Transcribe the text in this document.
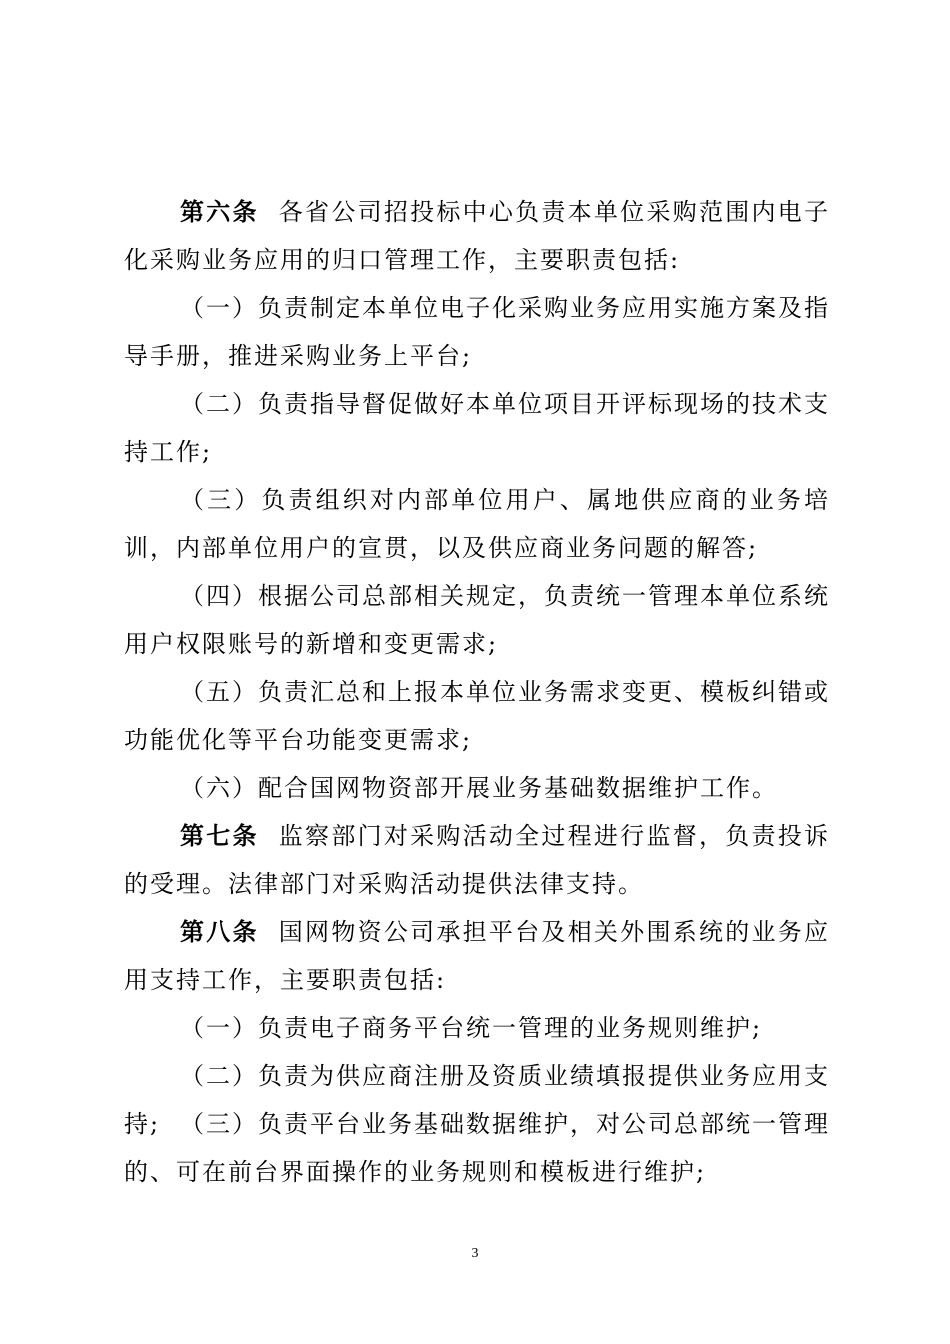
第六条 各省公司招投标中心负责本单位采购范围内电子化采购业务应用的归口管理工作，主要职责包括:

（一）负责制定本单位电子化采购业务应用实施方案及指导手册，推进采购业务上平台;

（二）负责指导督促做好本单位项目开评标现场的技术支持工作;

（三）负责组织对内部单位用户、属地供应商的业务培训，内部单位用户的宣贯，以及供应商业务问题的解答;

（四）根据公司总部相关规定，负责统一管理本单位系统用户权限账号的新增和变更需求;

（五）负责汇总和上报本单位业务需求变更、模板纠错或功能优化等平台功能变更需求;

（六）配合国网物资部开展业务基础数据维护工作。

第七条 监察部门对采购活动全过程进行监督，负责投诉的受理。法律部门对采购活动提供法律支持。

第八条 国网物资公司承担平台及相关外围系统的业务应用支持工作，主要职责包括:

（一）负责电子商务平台统一管理的业务规则维护;

（二）负责为供应商注册及资质业绩填报提供业务应用支持; （三）负责平台业务基础数据维护，对公司总部统一管理的、可在前台界面操作的业务规则和模板进行维护;

3
